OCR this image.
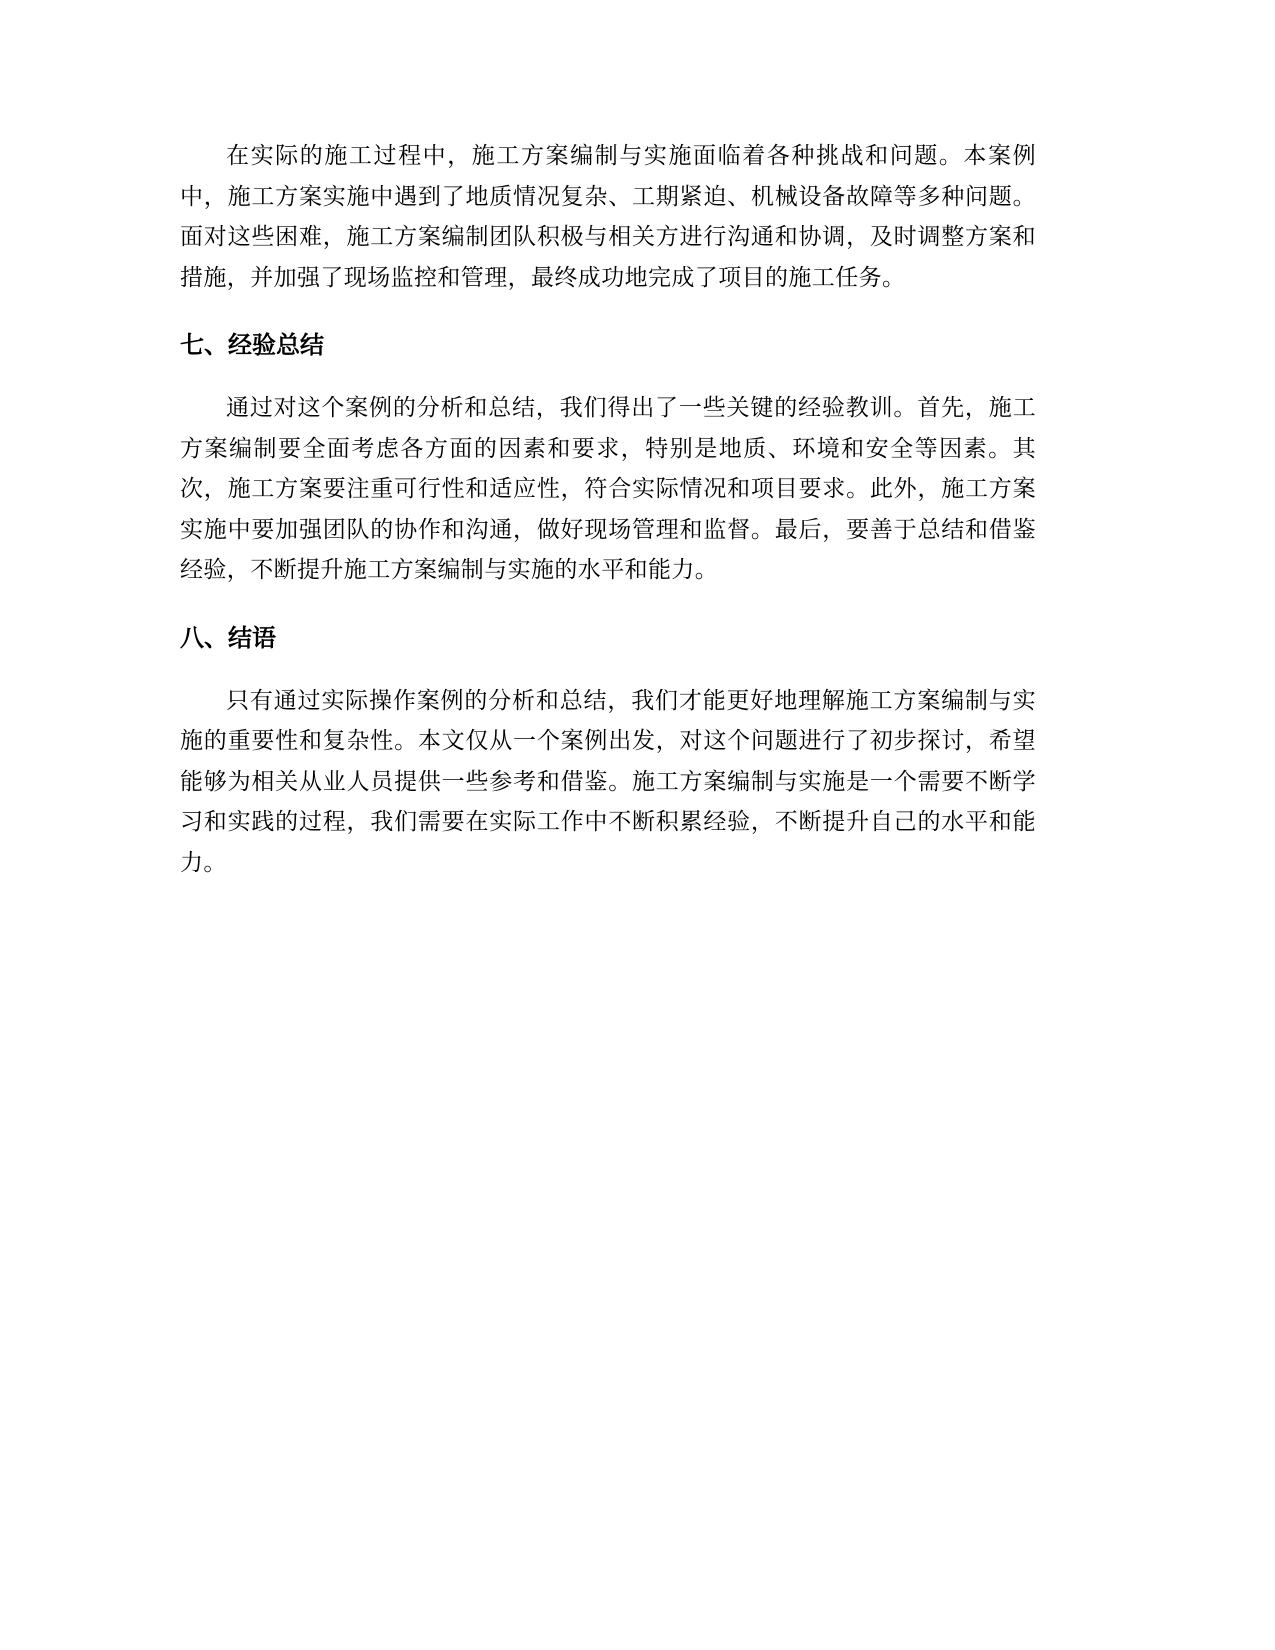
在实际的施工过程中，施工方案编制与实施面临着各种挑战和问题。本案例中，施工方案实施中遇到了地质情况复杂、工期紧迫、机械设备故障等多种问题。面对这些困难，施工方案编制团队积极与相关方进行沟通和协调，及时调整方案和措施，并加强了现场监控和管理，最终成功地完成了项目的施工任务。

七、经验总结

通过对这个案例的分析和总结，我们得出了一些关键的经验教训。首先，施工方案编制要全面考虑各方面的因素和要求，特别是地质、环境和安全等因素。其次，施工方案要注重可行性和适应性，符合实际情况和项目要求。此外，施工方案实施中要加强团队的协作和沟通，做好现场管理和监督。最后，要善于总结和借鉴经验，不断提升施工方案编制与实施的水平和能力。

八、结语

只有通过实际操作案例的分析和总结，我们才能更好地理解施工方案编制与实施的重要性和复杂性。本文仅从一个案例出发，对这个问题进行了初步探讨，希望能够为相关从业人员提供一些参考和借鉴。施工方案编制与实施是一个需要不断学习和实践的过程，我们需要在实际工作中不断积累经验，不断提升自己的水平和能力。
